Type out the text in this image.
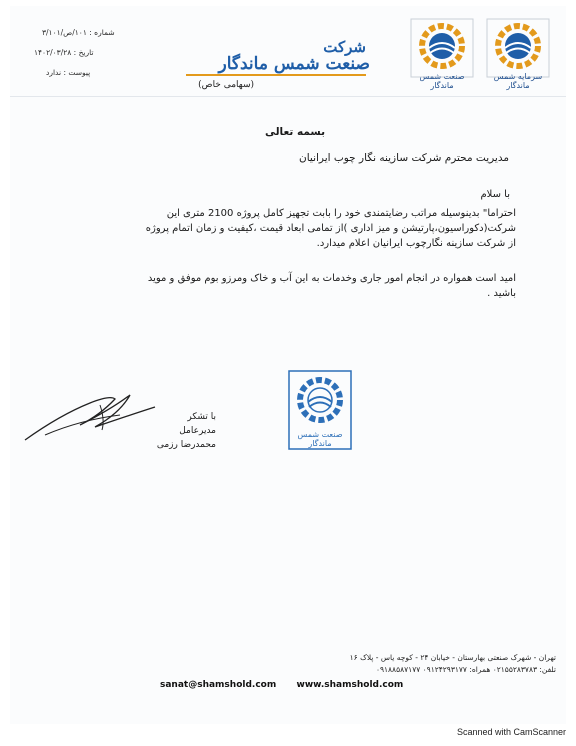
سرمایه شمس ماندگار
صنعت شمس ماندگار
شرکت
صنعت شمس ماندگار
(سهامی خاص)
شماره : ۱۰۱/ص/۳/۱۰۱
تاریخ : ۱۴۰۲/۰۳/۲۸
پیوست : ندارد
بسمه تعالی
مدیریت محترم شرکت سازینه نگار چوب ایرانیان
با سلام
احتراما" بدینوسیله مراتب رضایتمندی خود را بابت تجهیز کامل پروژه 2100 متری این
شرکت(دکوراسیون،پارتیشن و میز اداری )از تمامی ابعاد قیمت ،کیفیت و زمان اتمام پروژه
از شرکت سازینه نگارچوب ایرانیان اعلام میدارد.
امید است همواره در انجام امور جاری وخدمات به این آب و خاک ومرزو بوم موفق و موید
باشید .
صنعت شمس ماندگار
با تشکر
مدیرعامل
محمدرضا رزمی
تهران - شهرک صنعتی بهارستان - خیابان ۲۴ - کوچه یاس - پلاک ۱۶
تلفن: ۰۲۱۵۵۲۸۳۷۸۳ همراه: ۰۹۱۲۴۲۹۳۱۷۷ ۰۹۱۸۸۵۸۷۱۷۷
sanat@shamshold.com www.shamshold.com
Scanned with CamScanner
